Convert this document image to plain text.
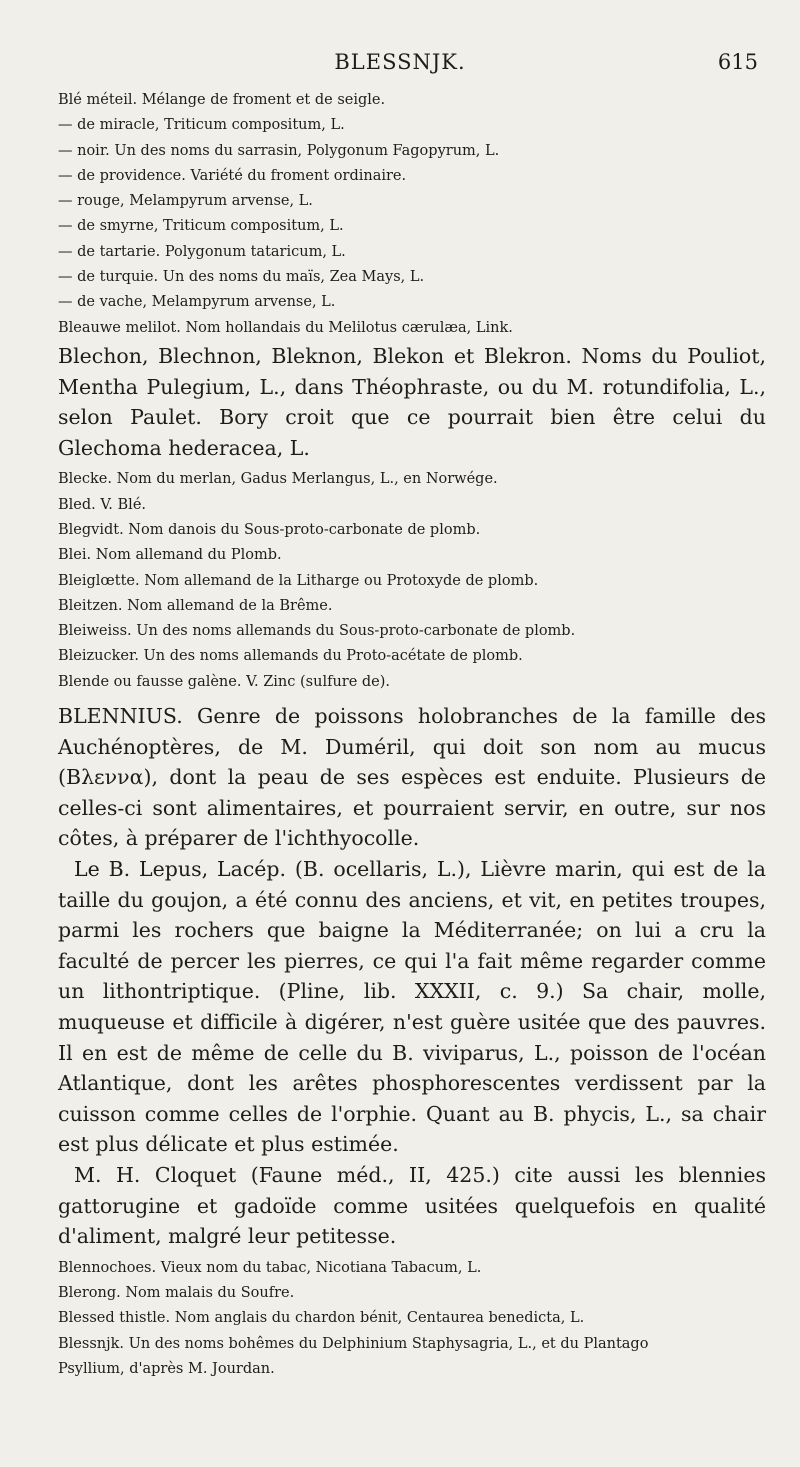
BLESSNJK.	615
Blé méteil. Mélange de froment et de seigle.
— de miracle, Triticum compositum, L.
— noir. Un des noms du sarrasin, Polygonum Fagopyrum, L.
— de providence. Variété du froment ordinaire.
— rouge, Melampyrum arvense, L.
— de smyrne, Triticum compositum, L.
— de tartarie. Polygonum tataricum, L.
— de turquie. Un des noms du maïs, Zea Mays, L.
— de vache, Melampyrum arvense, L.
Bleauwe melilot. Nom hollandais du Melilotus cærulæa, Link.

Blechon, Blechnon, Bleknon, Blekon et Blekron. Noms du Pouliot, Mentha Pulegium, L., dans Théophraste, ou du M. rotundifolia, L., selon Paulet. Bory croit que ce pourrait bien être celui du Glechoma hederacea, L.

Blecke. Nom du merlan, Gadus Merlangus, L., en Norwége.
Bled. V. Blé.
Blegvidt. Nom danois du Sous-proto-carbonate de plomb.
Blei. Nom allemand du Plomb.
Bleiglœtte. Nom allemand de la Litharge ou Protoxyde de plomb.
Bleitzen. Nom allemand de la Brême.
Bleiweiss. Un des noms allemands du Sous-proto-carbonate de plomb.
Bleizucker. Un des noms allemands du Proto-acétate de plomb.
Blende ou fausse galène. V. Zinc (sulfure de).

BLENNIUS. Genre de poissons holobranches de la famille des Auchénoptères, de M. Duméril, qui doit son nom au mucus (Βλεννα), dont la peau de ses espèces est enduite. Plusieurs de celles-ci sont alimentaires, et pourraient servir, en outre, sur nos côtes, à préparer de l'ichthyocolle.

Le B. Lepus, Lacép. (B. ocellaris, L.), Lièvre marin, qui est de la taille du goujon, a été connu des anciens, et vit, en petites troupes, parmi les rochers que baigne la Méditerranée; on lui a cru la faculté de percer les pierres, ce qui l'a fait même regarder comme un lithontriptique. (Pline, lib. XXXII, c. 9.) Sa chair, molle, muqueuse et difficile à digérer, n'est guère usitée que des pauvres. Il en est de même de celle du B. viviparus, L., poisson de l'océan Atlantique, dont les arêtes phosphorescentes verdissent par la cuisson comme celles de l'orphie. Quant au B. phycis, L., sa chair est plus délicate et plus estimée.

M. H. Cloquet (Faune méd., II, 425.) cite aussi les blennies gattorugine et gadoïde comme usitées quelquefois en qualité d'aliment, malgré leur petitesse.

Blennochoes. Vieux nom du tabac, Nicotiana Tabacum, L.
Blerong. Nom malais du Soufre.
Blessed thistle. Nom anglais du chardon bénit, Centaurea benedicta, L.
Blessnjk. Un des noms bohêmes du Delphinium Staphysagria, L., et du Plantago
Psyllium, d'après M. Jourdan.
